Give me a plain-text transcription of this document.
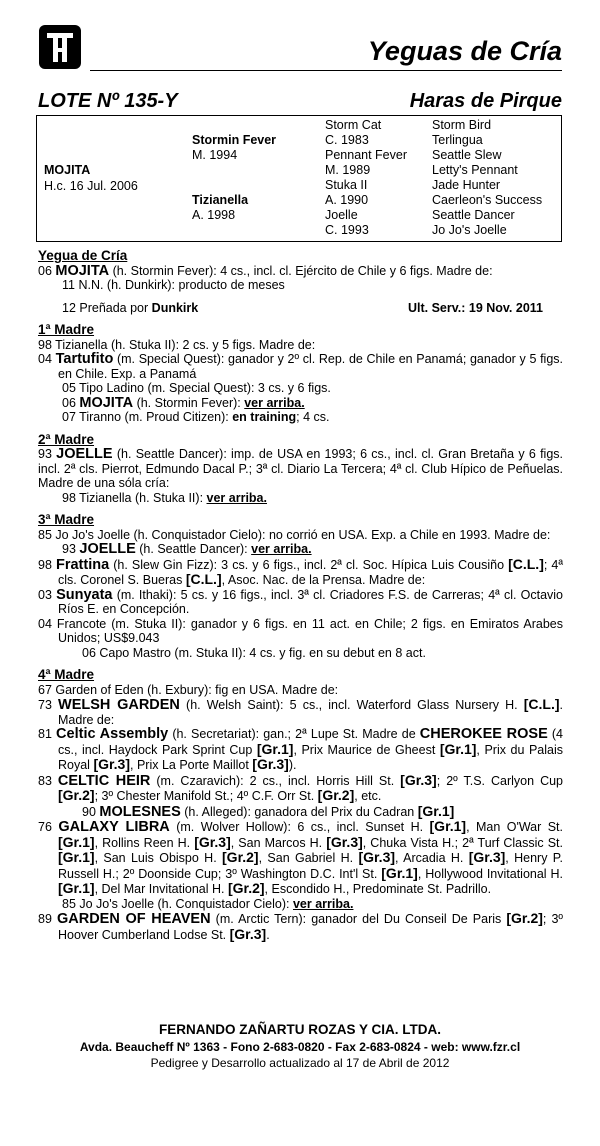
Yeguas de Cría
LOTE Nº 135-Y	Haras de Pirque
MOJITA
H.c. 16 Jul. 2006
Stormin Fever
M. 1994
Tizianella
A. 1998
Storm Cat
C. 1983
Pennant Fever
M. 1989
Stuka II
A. 1990
Joelle
C. 1993
Storm Bird
Terlingua
Seattle Slew
Letty's Pennant
Jade Hunter
Caerleon's Success
Seattle Dancer
Jo Jo's Joelle
Yegua de Cría
06 MOJITA (h. Stormin Fever): 4 cs., incl. cl. Ejército de Chile y 6 figs. Madre de:
11 N.N. (h. Dunkirk): producto de meses
12 Preñada por Dunkirk	Ult. Serv.: 19 Nov. 2011
1ª Madre
98 Tizianella (h. Stuka II): 2 cs. y 5 figs. Madre de:
04 Tartufito (m. Special Quest): ganador y 2º cl. Rep. de Chile en Panamá; ganador y 5 figs. en Chile. Exp. a Panamá
05 Tipo Ladino (m. Special Quest): 3 cs. y 6 figs.
06 MOJITA (h. Stormin Fever): ver arriba.
07 Tiranno (m. Proud Citizen): en training; 4 cs.
2ª Madre
93 JOELLE (h. Seattle Dancer): imp. de USA en 1993; 6 cs., incl. cl. Gran Bretaña y 6 figs. incl. 2ª cls. Pierrot, Edmundo Dacal P.; 3ª cl. Diario La Tercera; 4ª cl. Club Hípico de Peñuelas. Madre de una sóla cría:
98 Tizianella (h. Stuka II): ver arriba.
3ª Madre
85 Jo Jo's Joelle (h. Conquistador Cielo): no corrió en USA. Exp. a Chile en 1993. Madre de:
93 JOELLE (h. Seattle Dancer): ver arriba.
98 Frattina (h. Slew Gin Fizz): 3 cs. y 6 figs., incl. 2ª cl. Soc. Hípica Luis Cousiño [C.L.]; 4ª cls. Coronel S. Bueras [C.L.], Asoc. Nac. de la Prensa. Madre de:
03 Sunyata (m. Ithaki): 5 cs. y 16 figs., incl. 3ª cl. Criadores F.S. de Carreras; 4ª cl. Octavio Ríos E. en Concepción.
04 Francote (m. Stuka II): ganador y 6 figs. en 11 act. en Chile; 2 figs. en Emiratos Arabes Unidos; US$9.043
06 Capo Mastro (m. Stuka II): 4 cs. y fig. en su debut en 8 act.
4ª Madre
67 Garden of Eden (h. Exbury): fig en USA. Madre de:
73 WELSH GARDEN (h. Welsh Saint): 5 cs., incl. Waterford Glass Nursery H. [C.L.]. Madre de:
81 Celtic Assembly (h. Secretariat): gan.; 2ª Lupe St. Madre de CHEROKEE ROSE (4 cs., incl. Haydock Park Sprint Cup [Gr.1], Prix Maurice de Gheest [Gr.1], Prix du Palais Royal [Gr.3], Prix La Porte Maillot [Gr.3]).
83 CELTIC HEIR (m. Czaravich): 2 cs., incl. Horris Hill St. [Gr.3]; 2º T.S. Carlyon Cup [Gr.2]; 3º Chester Manifold St.; 4º C.F. Orr St. [Gr.2], etc.
90 MOLESNES (h. Alleged): ganadora del Prix du Cadran [Gr.1]
76 GALAXY LIBRA (m. Wolver Hollow): 6 cs., incl. Sunset H. [Gr.1], Man O'War St. [Gr.1], Rollins Reen H. [Gr.3], San Marcos H. [Gr.3], Chuka Vista H.; 2ª Turf Classic St. [Gr.1], San Luis Obispo H. [Gr.2], San Gabriel H. [Gr.3], Arcadia H. [Gr.3], Henry P. Russell H.; 2º Doonside Cup; 3º Washington D.C. Int'l St. [Gr.1], Hollywood Invitational H. [Gr.1], Del Mar Invitational H. [Gr.2], Escondido H., Predominate St. Padrillo.
85 Jo Jo's Joelle (h. Conquistador Cielo): ver arriba.
89 GARDEN OF HEAVEN (m. Arctic Tern): ganador del Du Conseil De Paris [Gr.2]; 3º Hoover Cumberland Lodse St. [Gr.3].
FERNANDO ZAÑARTU ROZAS Y CIA. LTDA.
Avda. Beaucheff Nº 1363 - Fono 2-683-0820 - Fax 2-683-0824 - web: www.fzr.cl
Pedigree y Desarrollo actualizado al 17 de Abril de 2012
